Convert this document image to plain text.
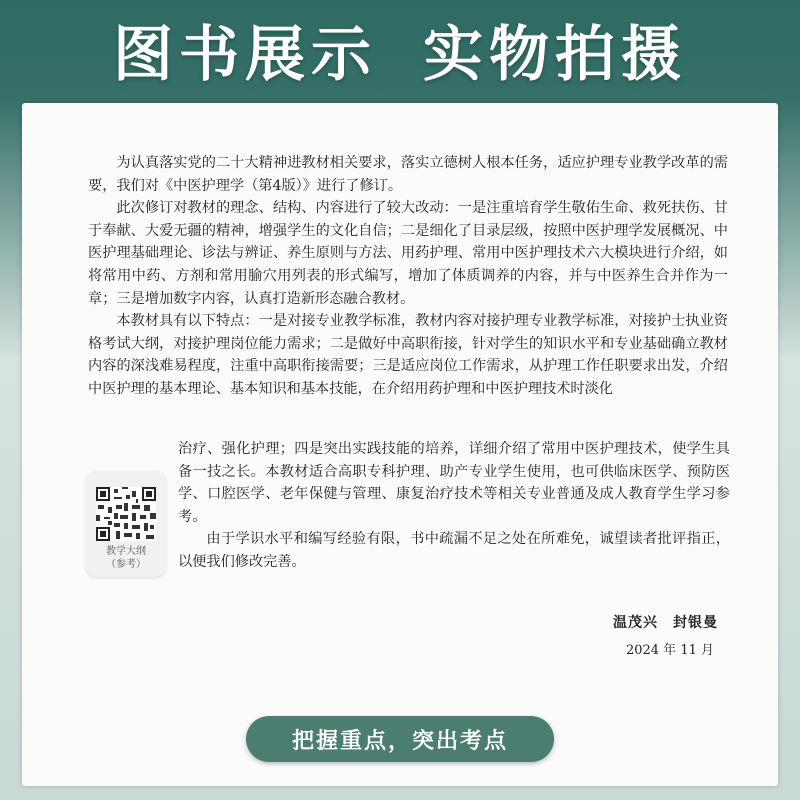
图书展示 实物拍摄

为认真落实党的二十大精神进教材相关要求，落实立德树人根本任务，适应护理专业教学改革的需要，我们对《中医护理学（第4版）》进行了修订。

此次修订对教材的理念、结构、内容进行了较大改动：一是注重培育学生敬佑生命、救死扶伤、甘于奉献、大爱无疆的精神，增强学生的文化自信；二是细化了目录层级，按照中医护理学发展概况、中医护理基础理论、诊法与辨证、养生原则与方法、用药护理、常用中医护理技术六大模块进行介绍，如将常用中药、方剂和常用腧穴用列表的形式编写，增加了体质调养的内容，并与中医养生合并作为一章；三是增加数字内容，认真打造新形态融合教材。

本教材具有以下特点：一是对接专业教学标准，教材内容对接护理专业教学标准，对接护士执业资格考试大纲，对接护理岗位能力需求；二是做好中高职衔接，针对学生的知识水平和专业基础确立教材内容的深浅难易程度，注重中高职衔接需要；三是适应岗位工作需求，从护理工作任职要求出发，介绍中医护理的基本理论、基本知识和基本技能，在介绍用药护理和中医护理技术时淡化

治疗、强化护理；四是突出实践技能的培养，详细介绍了常用中医护理技术，使学生具备一技之长。本教材适合高职专科护理、助产专业学生使用，也可供临床医学、预防医学、口腔医学、老年保健与管理、康复治疗技术等相关专业普通及成人教育学生学习参考。

由于学识水平和编写经验有限，书中疏漏不足之处在所难免，诚望读者批评指正，以便我们修改完善。

教学大纲
（参考）
温茂兴　封银曼
2024 年 11 月
把握重点，突出考点
